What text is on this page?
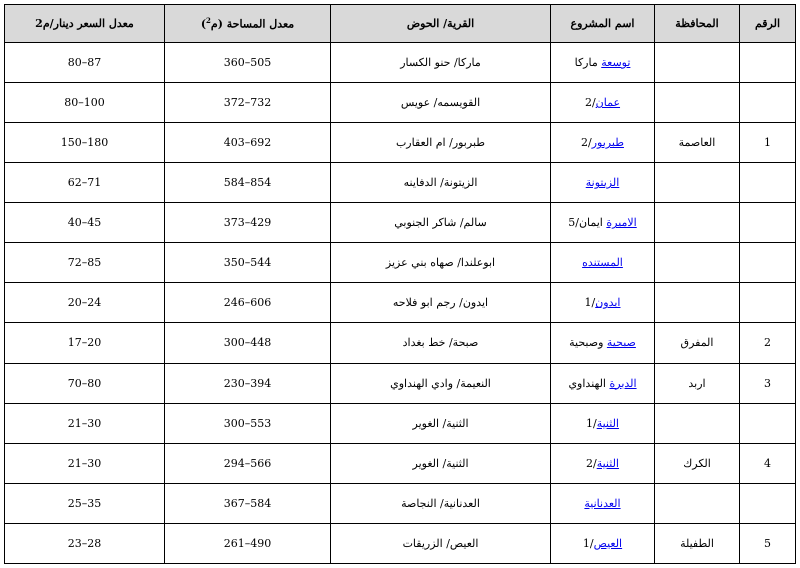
الرقم	المحافظة	اسم المشروع	القرية/ الحوض	معدل المساحة (م$^2$)	معدل السعر دينار/م2
		توسعة ماركا	ماركا/ حنو الكسار	360–505	80–87
		عمان/2	القويسمه/ عويس	372–732	80–100
1	العاصمة	طبربور/2	طبربور/ ام العقارب	403–692	150–180
		الزيتونة	الزيتونة/ الدفاينه	584–854	62–71
		الاميرة ايمان/5	سالم/ شاكر الجنوبي	373–429	40–45
		المستنده	ابوعلندا/ صهاه بني عزيز	350–544	72–85
		ايدون/1	ايدون/ رجم ابو فلاحه	246–606	20–24
2	المفرق	صبحية وصبحية	صبحة/ خط بغداد	300–448	17–20
3	اربد	الدبرة الهنداوي	النعيمة/ وادي الهنداوي	230–394	70–80
		الثنية/1	الثنية/ الغوير	300–553	21–30
4	الكرك	الثنية/2	الثنية/ الغوير	294–566	21–30
		العدنانية	العدنانية/ النجاصة	367–584	25–35
5	الطفيلة	العيص/1	العيص/ الزريقات	261–490	23–28
